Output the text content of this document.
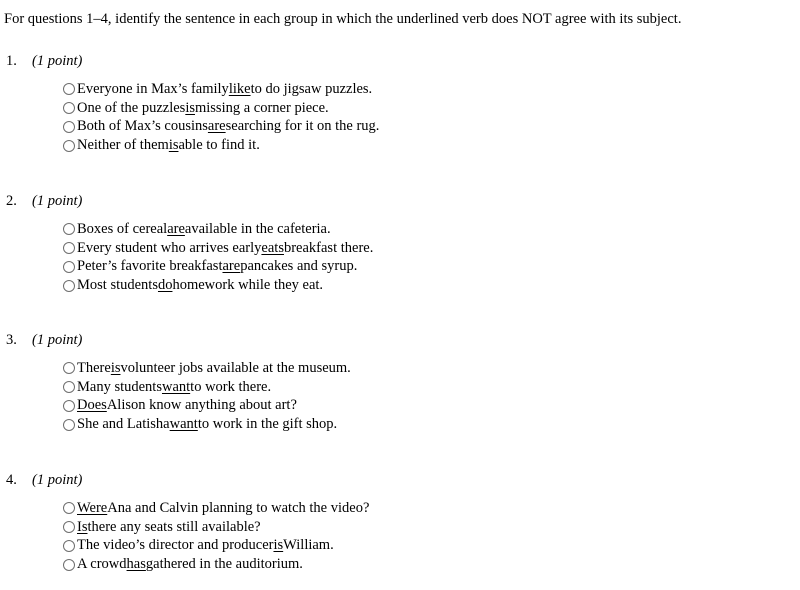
For questions 1–4, identify the sentence in each group in which the underlined verb does NOT agree with its subject.

1. (1 point)
Everyone in Max’s family like to do jigsaw puzzles.
One of the puzzles is missing a corner piece.
Both of Max’s cousins are searching for it on the rug.
Neither of them is able to find it.
2. (1 point)
Boxes of cereal are available in the cafeteria.
Every student who arrives early eats breakfast there.
Peter’s favorite breakfast are pancakes and syrup.
Most students do homework while they eat.
3. (1 point)
There is volunteer jobs available at the museum.
Many students want to work there.
Does Alison know anything about art?
She and Latisha want to work in the gift shop.
4. (1 point)
Were Ana and Calvin planning to watch the video?
Is there any seats still available?
The video’s director and producer is William.
A crowd has gathered in the auditorium.
